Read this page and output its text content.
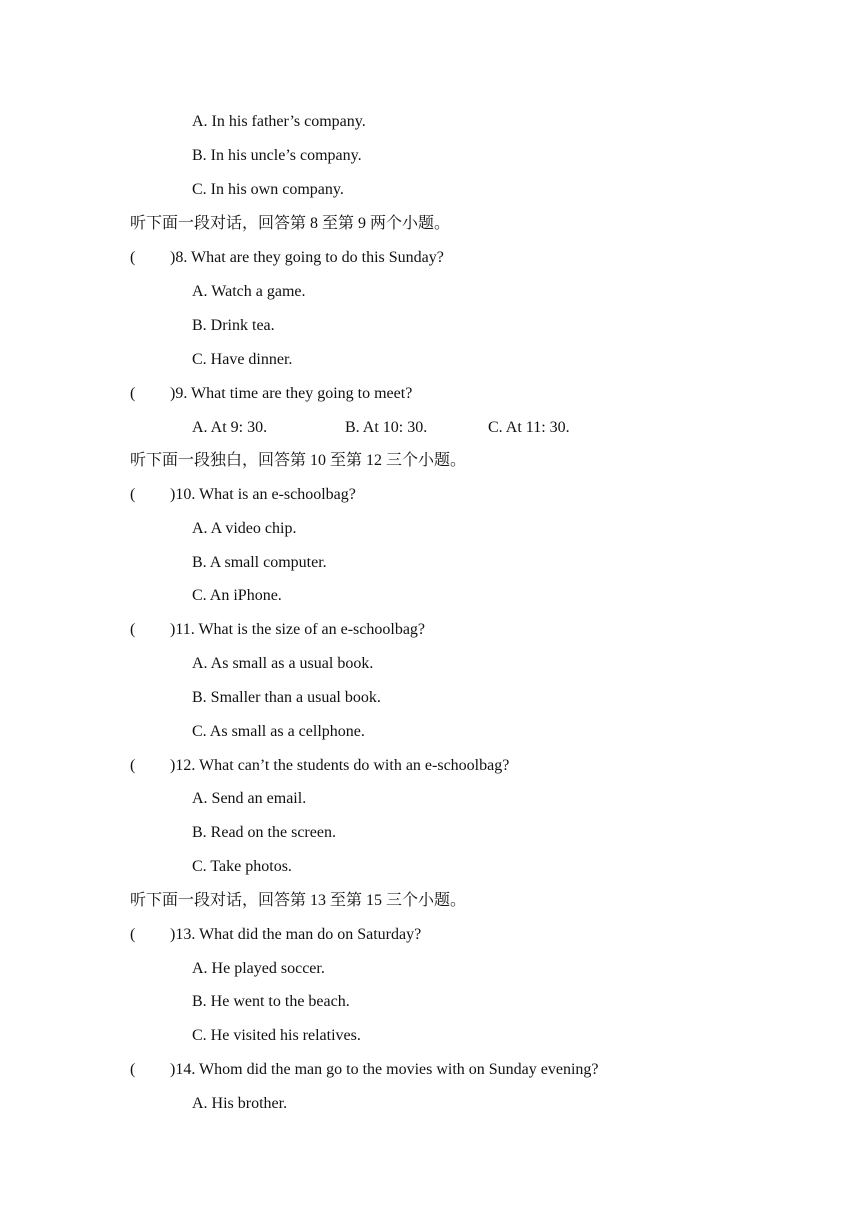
A. In his father’s company.
B. In his uncle’s company.
C. In his own company.
听下面一段对话，回答第 8 至第 9 两个小题。
( )8. What are they going to do this Sunday?
A. Watch a game.
B. Drink tea.
C. Have dinner.
( )9. What time are they going to meet?
A. At 9: 30.	B. At 10: 30.	C. At 11: 30.
听下面一段独白，回答第 10 至第 12 三个小题。
( )10. What is an e-schoolbag?
A. A video chip.
B. A small computer.
C. An iPhone.
( )11. What is the size of an e-schoolbag?
A. As small as a usual book.
B. Smaller than a usual book.
C. As small as a cellphone.
( )12. What can’t the students do with an e-schoolbag?
A. Send an email.
B. Read on the screen.
C. Take photos.
听下面一段对话，回答第 13 至第 15 三个小题。
( )13. What did the man do on Saturday?
A. He played soccer.
B. He went to the beach.
C. He visited his relatives.
( )14. Whom did the man go to the movies with on Sunday evening?
A. His brother.
